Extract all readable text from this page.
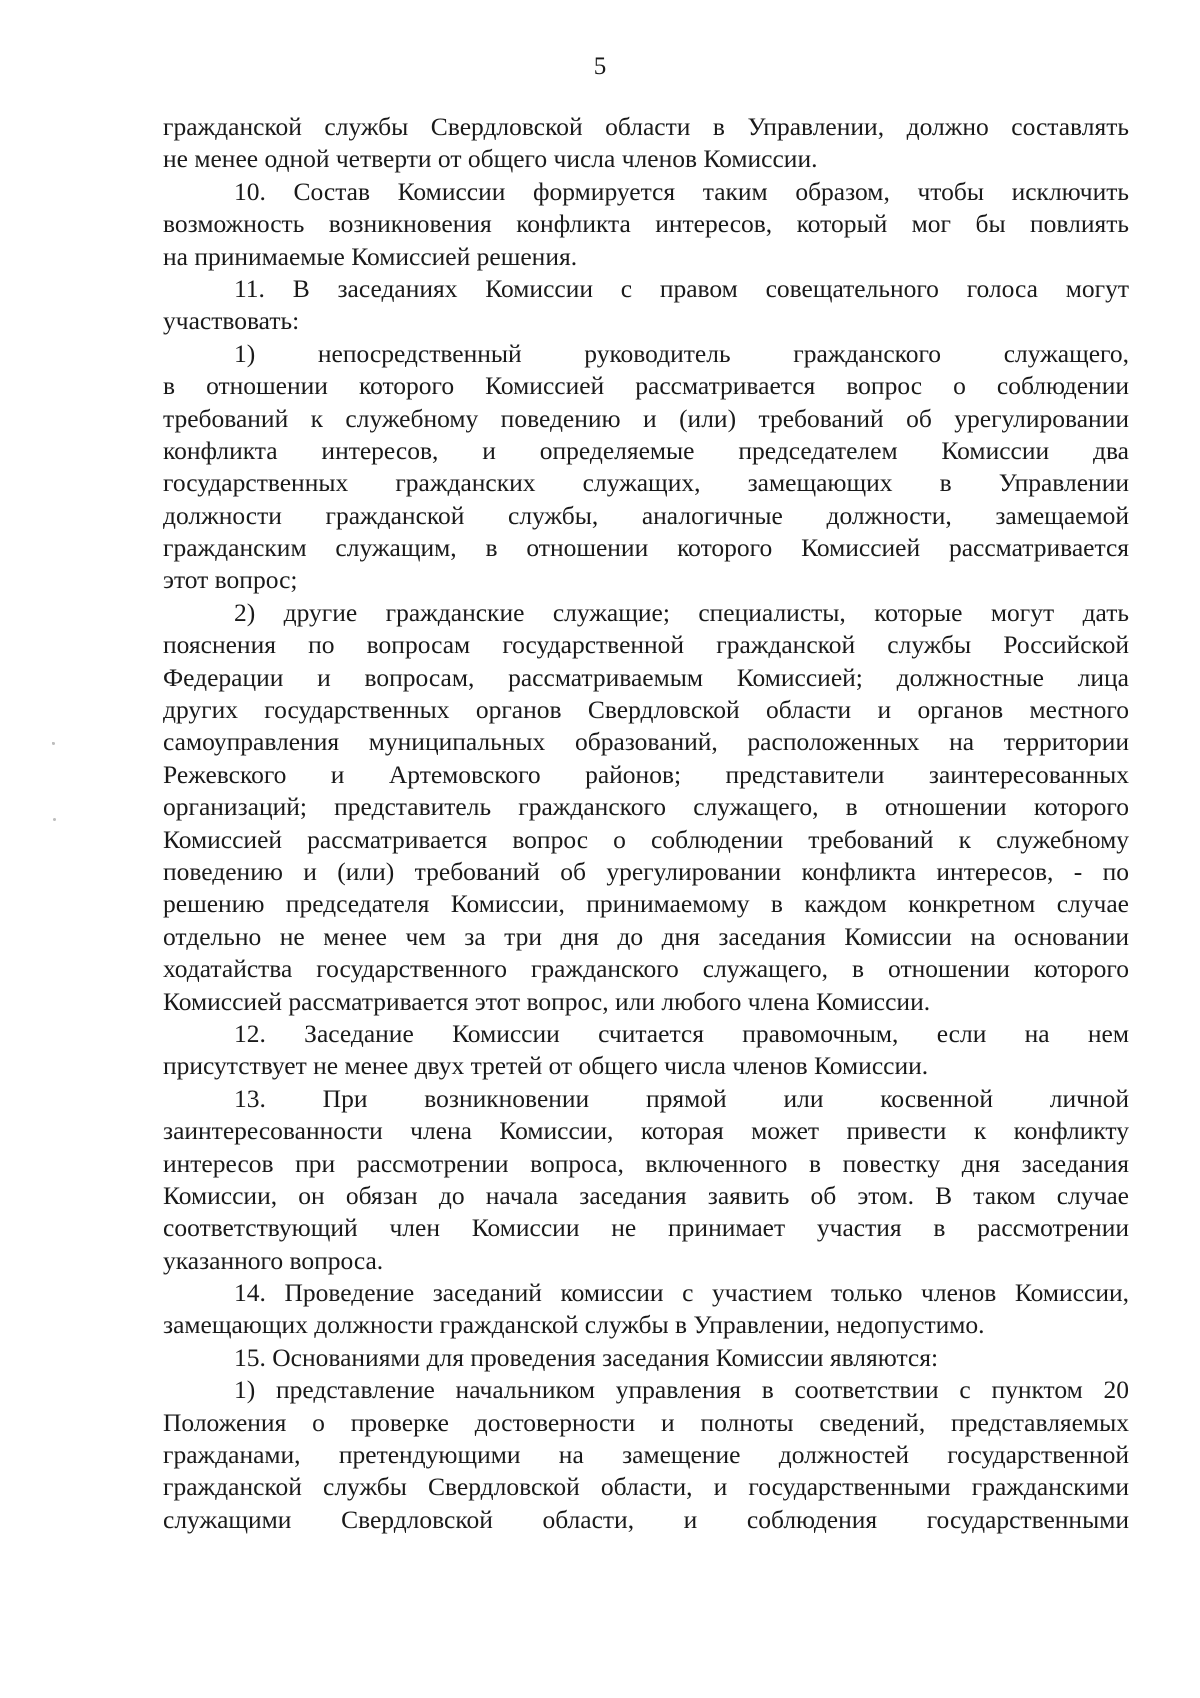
5
гражданской службы Свердловской области в Управлении, должно составлять
не менее одной четверти от общего числа членов Комиссии.
10. Состав Комиссии формируется таким образом, чтобы исключить
возможность возникновения конфликта интересов, который мог бы повлиять
на принимаемые Комиссией решения.
11. В заседаниях Комиссии с правом совещательного голоса могут
участвовать:
1) непосредственный руководитель гражданского служащего,
в отношении которого Комиссией рассматривается вопрос о соблюдении
требований к служебному поведению и (или) требований об урегулировании
конфликта интересов, и определяемые председателем Комиссии два
государственных гражданских служащих, замещающих в Управлении
должности гражданской службы, аналогичные должности, замещаемой
гражданским служащим, в отношении которого Комиссией рассматривается
этот вопрос;
2) другие гражданские служащие; специалисты, которые могут дать
пояснения по вопросам государственной гражданской службы Российской
Федерации и вопросам, рассматриваемым Комиссией; должностные лица
других государственных органов Свердловской области и органов местного
самоуправления муниципальных образований, расположенных на территории
Режевского и Артемовского районов; представители заинтересованных
организаций; представитель гражданского служащего, в отношении которого
Комиссией рассматривается вопрос о соблюдении требований к служебному
поведению и (или) требований об урегулировании конфликта интересов, - по
решению председателя Комиссии, принимаемому в каждом конкретном случае
отдельно не менее чем за три дня до дня заседания Комиссии на основании
ходатайства государственного гражданского служащего, в отношении которого
Комиссией рассматривается этот вопрос, или любого члена Комиссии.
12. Заседание Комиссии считается правомочным, если на нем
присутствует не менее двух третей от общего числа членов Комиссии.
13. При возникновении прямой или косвенной личной
заинтересованности члена Комиссии, которая может привести к конфликту
интересов при рассмотрении вопроса, включенного в повестку дня заседания
Комиссии, он обязан до начала заседания заявить об этом. В таком случае
соответствующий член Комиссии не принимает участия в рассмотрении
указанного вопроса.
14. Проведение заседаний комиссии с участием только членов Комиссии,
замещающих должности гражданской службы в Управлении, недопустимо.
15. Основаниями для проведения заседания Комиссии являются:
1) представление начальником управления в соответствии с пунктом 20
Положения о проверке достоверности и полноты сведений, представляемых
гражданами, претендующими на замещение должностей государственной
гражданской службы Свердловской области, и государственными гражданскими
служащими Свердловской области, и соблюдения государственными
